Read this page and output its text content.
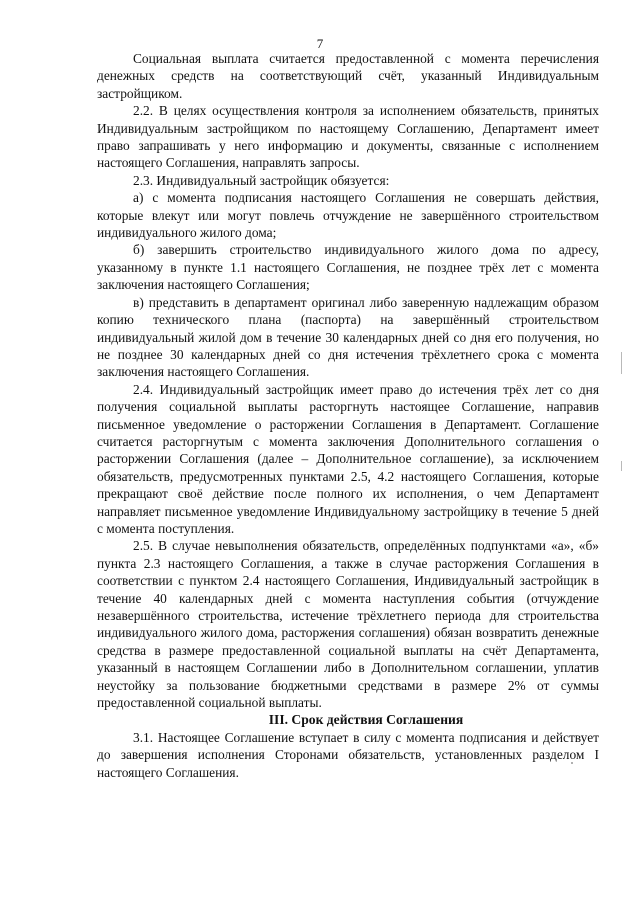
7

Социальная выплата считается предоставленной с момента перечисления денежных средств на соответствующий счёт, указанный Индивидуальным застройщиком.

2.2. В целях осуществления контроля за исполнением обязательств, принятых Индивидуальным застройщиком по настоящему Соглашению, Департамент имеет право запрашивать у него информацию и документы, связанные с исполнением настоящего Соглашения, направлять запросы.

2.3. Индивидуальный застройщик обязуется:

а) с момента подписания настоящего Соглашения не совершать действия, которые влекут или могут повлечь отчуждение не завершённого строительством индивидуального жилого дома;

б) завершить строительство индивидуального жилого дома по адресу, указанному в пункте 1.1 настоящего Соглашения, не позднее трёх лет с момента заключения настоящего Соглашения;

в) представить в департамент оригинал либо заверенную надлежащим образом копию технического плана (паспорта) на завершённый строительством индивидуальный жилой дом в течение 30 календарных дней со дня его получения, но не позднее 30 календарных дней со дня истечения трёхлетнего срока с момента заключения настоящего Соглашения.

2.4. Индивидуальный застройщик имеет право до истечения трёх лет со дня получения социальной выплаты расторгнуть настоящее Соглашение, направив письменное уведомление о расторжении Соглашения в Департамент. Соглашение считается расторгнутым с момента заключения Дополнительного соглашения о расторжении Соглашения (далее – Дополнительное соглашение), за исключением обязательств, предусмотренных пунктами 2.5, 4.2 настоящего Соглашения, которые прекращают своё действие после полного их исполнения, о чем Департамент направляет письменное уведомление Индивидуальному застройщику в течение 5 дней с момента поступления.

2.5. В случае невыполнения обязательств, определённых подпунктами «а», «б» пункта 2.3 настоящего Соглашения, а также в случае расторжения Соглашения в соответствии с пунктом 2.4 настоящего Соглашения, Индивидуальный застройщик в течение 40 календарных дней с момента наступления события (отчуждение незавершённого строительства, истечение трёхлетнего периода для строительства индивидуального жилого дома, расторжения соглашения) обязан возвратить денежные средства в размере предоставленной социальной выплаты на счёт Департамента, указанный в настоящем Соглашении либо в Дополнительном соглашении, уплатив неустойку за пользование бюджетными средствами в размере 2% от суммы предоставленной социальной выплаты.

III. Срок действия Соглашения

3.1. Настоящее Соглашение вступает в силу с момента подписания и действует до завершения исполнения Сторонами обязательств, установленных разделом I настоящего Соглашения.
